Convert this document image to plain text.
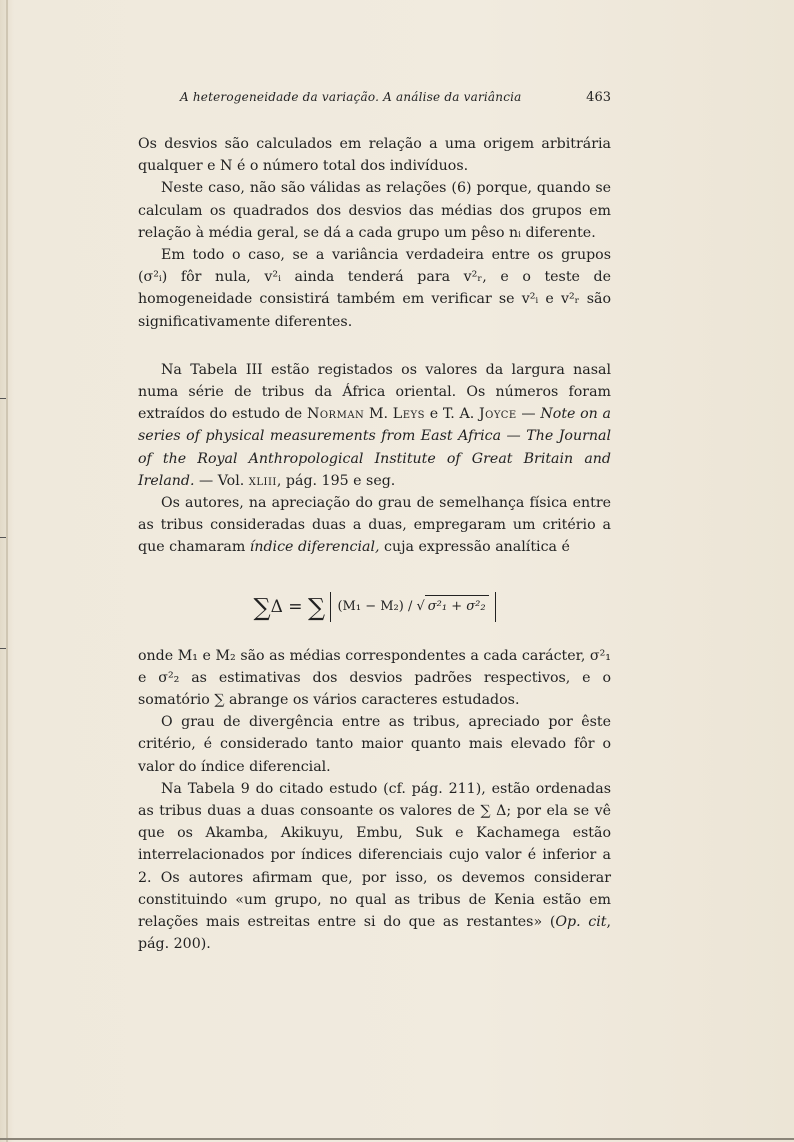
A heterogeneidade da variação. A análise da variância	463

Os desvios são calculados em relação a uma origem arbitrária qualquer e N é o número total dos indivíduos.

Neste caso, não são válidas as relações (6) porque, quando se calculam os quadrados dos desvios das médias dos grupos em relação à média geral, se dá a cada grupo um pêso nᵢ diferente.

Em todo o caso, se a variância verdadeira entre os grupos (σ²ᵢ) fôr nula, v²ᵢ ainda tenderá para v²ᵣ, e o teste de homogeneidade consistirá também em verificar se v²ᵢ e v²ᵣ são significativamente diferentes.

Na Tabela III estão registados os valores da largura nasal numa série de tribus da África oriental. Os números foram extraídos do estudo de Norman M. Leys e T. A. Joyce — Note on a series of physical measurements from East Africa — The Journal of the Royal Anthropological Institute of Great Britain and Ireland. — Vol. xliii, pág. 195 e seg.

Os autores, na apreciação do grau de semelhança física entre as tribus consideradas duas a duas, empregaram um critério a que chamaram índice diferencial, cuja expressão analítica é

∑Δ = ∑ (M₁ − M₂) / √ σ²₁ + σ²₂

onde M₁ e M₂ são as médias correspondentes a cada carácter, σ²₁ e σ²₂ as estimativas dos desvios padrões respectivos, e o somatório ∑ abrange os vários caracteres estudados.

O grau de divergência entre as tribus, apreciado por êste critério, é considerado tanto maior quanto mais elevado fôr o valor do índice diferencial.

Na Tabela 9 do citado estudo (cf. pág. 211), estão ordenadas as tribus duas a duas consoante os valores de ∑ Δ; por ela se vê que os Akamba, Akikuyu, Embu, Suk e Kachamega estão interrelacionados por índices diferenciais cujo valor é inferior a 2. Os autores afirmam que, por isso, os devemos considerar constituindo «um grupo, no qual as tribus de Kenia estão em relações mais estreitas entre si do que as restantes» (Op. cit, pág. 200).
